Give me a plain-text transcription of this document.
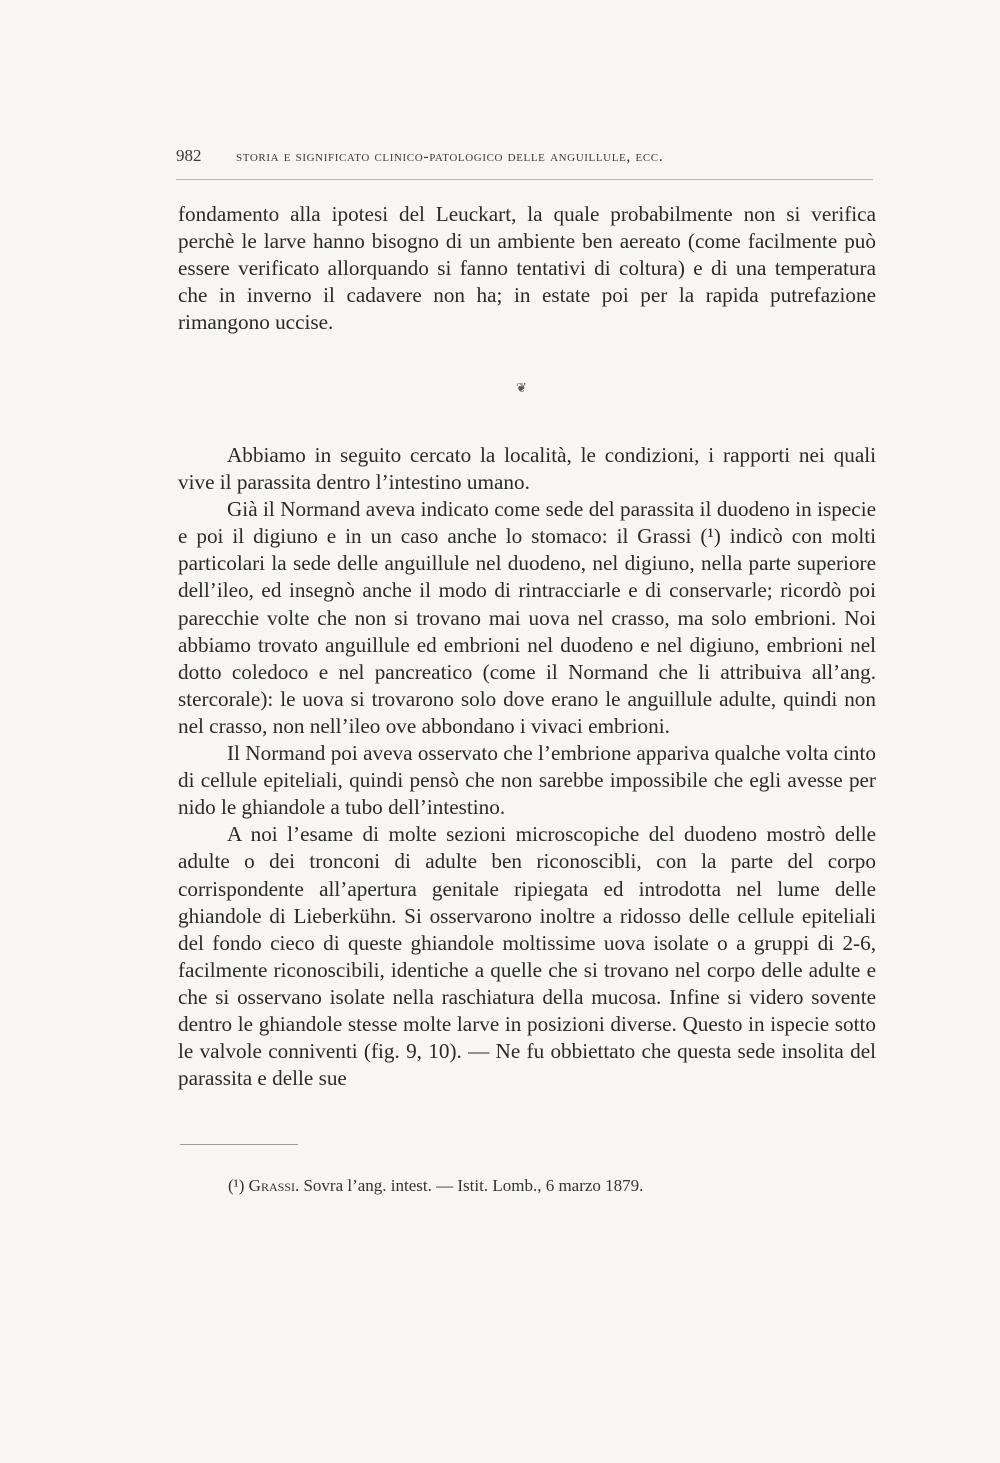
982 storia e significato clinico-patologico delle anguillule, ecc.

fondamento alla ipotesi del Leuckart, la quale probabilmente non si verifica perchè le larve hanno bisogno di un ambiente ben aereato (come facilmente può essere verificato allorquando si fanno tentativi di coltura) e di una temperatura che in inverno il cadavere non ha; in estate poi per la rapida putrefazione rimangono uccise.

❦

Abbiamo in seguito cercato la località, le condizioni, i rapporti nei quali vive il parassita dentro l’intestino umano.

Già il Normand aveva indicato come sede del parassita il duodeno in ispecie e poi il digiuno e in un caso anche lo stomaco: il Grassi (¹) indicò con molti particolari la sede delle anguillule nel duodeno, nel digiuno, nella parte superiore dell’ileo, ed insegnò anche il modo di rintracciarle e di conservarle; ricordò poi parecchie volte che non si trovano mai uova nel crasso, ma solo embrioni. Noi abbiamo trovato anguillule ed embrioni nel duodeno e nel digiuno, embrioni nel dotto coledoco e nel pancreatico (come il Normand che li attribuiva all’ang. stercorale): le uova si trovarono solo dove erano le anguillule adulte, quindi non nel crasso, non nell’ileo ove abbondano i vivaci embrioni.

Il Normand poi aveva osservato che l’embrione appariva qualche volta cinto di cellule epiteliali, quindi pensò che non sarebbe impossibile che egli avesse per nido le ghiandole a tubo dell’intestino.

A noi l’esame di molte sezioni microscopiche del duodeno mostrò delle adulte o dei tronconi di adulte ben riconoscibli, con la parte del corpo corrispondente all’apertura genitale ripiegata ed introdotta nel lume delle ghiandole di Lieberkühn. Si osservarono inoltre a ridosso delle cellule epiteliali del fondo cieco di queste ghiandole moltissime uova isolate o a gruppi di 2-6, facilmente riconoscibili, identiche a quelle che si trovano nel corpo delle adulte e che si osservano isolate nella raschiatura della mucosa. Infine si videro sovente dentro le ghiandole stesse molte larve in posizioni diverse. Questo in ispecie sotto le valvole conniventi (fig. 9, 10). — Ne fu obbiettato che questa sede insolita del parassita e delle sue

(¹) Grassi. Sovra l’ang. intest. — Istit. Lomb., 6 marzo 1879.
